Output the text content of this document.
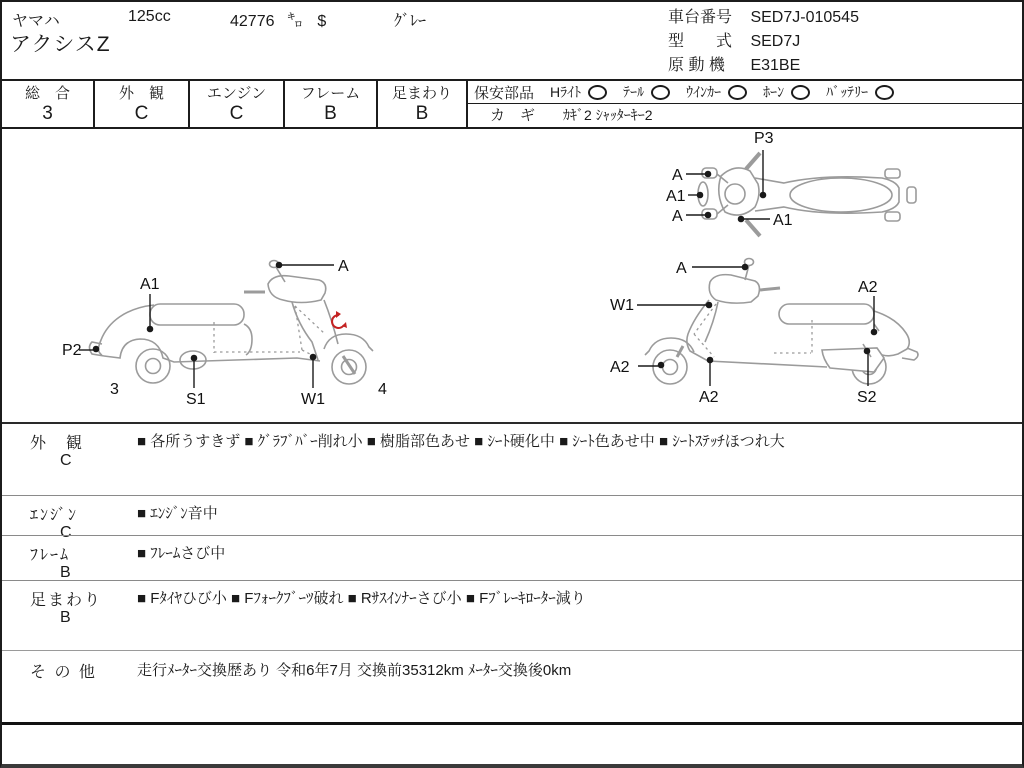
ヤマハ	125cc	42776 ㌔ $	ｸﾞﾚｰ
アクシスZ
車台番号 SED7J-010545
型　　式 SED7J
原 動 機 E31BE
総　合
3
外　観
C
エンジン
C
フレーム
B
足まわり
B
保安部品 Hﾗｲﾄ	ﾃｰﾙ	ｳｲﾝｶｰ	ﾎｰﾝ	ﾊﾞｯﾃﾘｰ
カ　ギ ｶｷﾞ2 ｼｬｯﾀｰｷｰ2
P3
A
A1
A	A1
A1
P2
3
S1	W1
A
4
A
W1
A2
A2
A2
S2
外　観
C
■ 各所うすきず ■ ｸﾞﾗﾌﾞﾊﾞｰ削れ小 ■ 樹脂部色あせ ■ ｼｰﾄ硬化中 ■ ｼｰﾄ色あせ中 ■ ｼｰﾄｽﾃｯﾁほつれ大
ｴﾝｼﾞﾝ
C
■ ｴﾝｼﾞﾝ音中
ﾌﾚｰﾑ
B
■ ﾌﾚｰﾑさび中
足まわり
B
■ Fﾀｲﾔひび小 ■ Fﾌｫｰｸﾌﾞｰﾂ破れ ■ Rｻｽｲﾝﾅｰさび小 ■ Fﾌﾞﾚｰｷﾛｰﾀｰ減り
そ の 他	走行ﾒｰﾀｰ交換歴あり 令和6年7月 交換前35312km ﾒｰﾀｰ交換後0km
